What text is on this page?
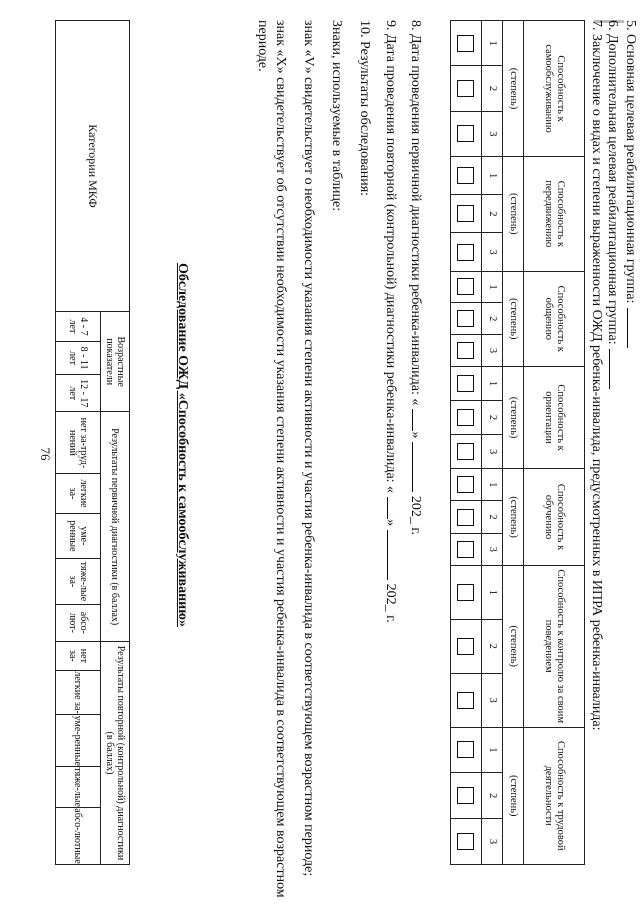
76
5. Основная целевая реабилитационная группа:
6. Дополнительная целевая реабилитационная группа:
7. Заключение о видах и степени выраженности ОЖД ребенка-инвалида, предусмотренных в ИПРА ребенка-инвалида:
Способность к самообслуживанию			Способность к передвижению			Способность к общению			Способность к ориентации			Способность к обучению			Способность к контролю за своим поведением			Способность к трудовой деятельности		
(степень)			(степень)			(степень)			(степень)			(степень)			(степень)			(степень)		
1	2	3	1	2	3	1	2	3	1	2	3	1	2	3	1	2	3	1	2	3

8. Дата проведения первичной диагностики ребенка-инвалида: «» 202_ г.
9. Дата проведения повторной (контрольной) диагностики ребенка-инвалида: «» 202_ г.
10. Результаты обследования:
Знаки, используемые в таблице:
знак «V» свидетельствует о необходимости указания степени активности и участия ребенка-инвалида в соответствующем возрастном периоде;
знак «X» свидетельствует об отсутствии необходимости указания степени активности и участия ребенка-инвалида в соответствующем возрастном
периоде.
Обследование ОЖД «Способность к самообслуживанию»
Категории МКФ	Возрастные показатели			Результаты первичной диагностики (в баллах)					Результаты повторной (контрольной) диагностики (в баллах)				
	4 - 7 лет	8 - 11 лет	12 - 17 лет	нет за-труд-нений	легкие за-	уме-ренные	тяже-лые за-	абсо-лют-	нет за-	легкие за-	уме-ренные	тяже-лые	абсо-лютные
